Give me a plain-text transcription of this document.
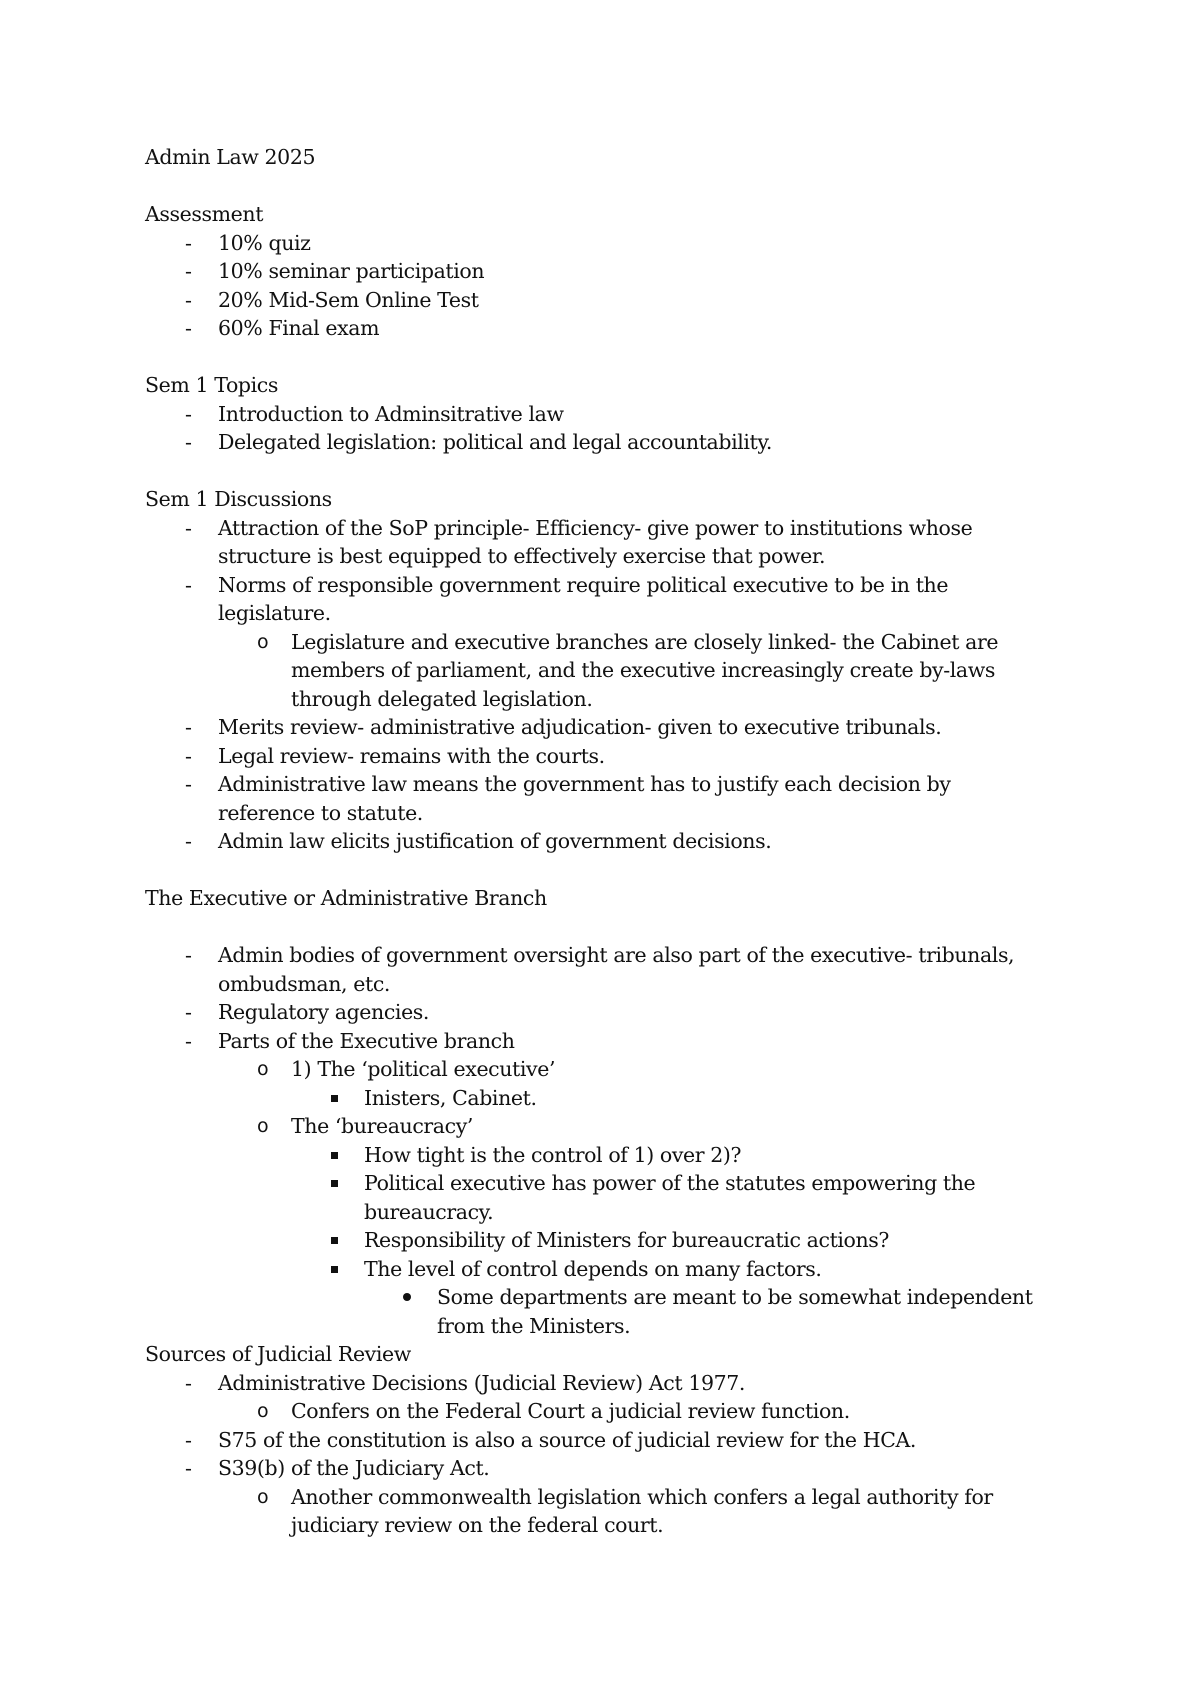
Admin Law 2025
Assessment
- 10% quiz
- 10% seminar participation
- 20% Mid-Sem Online Test
- 60% Final exam
Sem 1 Topics
- Introduction to Adminsitrative law
- Delegated legislation: political and legal accountability.
Sem 1 Discussions
- Attraction of the SoP principle- Efficiency- give power to institutions whose
structure is best equipped to effectively exercise that power.
- Norms of responsible government require political executive to be in the
legislature.
o Legislature and executive branches are closely linked- the Cabinet are
members of parliament, and the executive increasingly create by-laws
through delegated legislation.
- Merits review- administrative adjudication- given to executive tribunals.
- Legal review- remains with the courts.
- Administrative law means the government has to justify each decision by
reference to statute.
- Admin law elicits justification of government decisions.
The Executive or Administrative Branch
- Admin bodies of government oversight are also part of the executive- tribunals,
ombudsman, etc.
- Regulatory agencies.
- Parts of the Executive branch
o 1) The ‘political executive’
Inisters, Cabinet.
o The ‘bureaucracy’
How tight is the control of 1) over 2)?
Political executive has power of the statutes empowering the
bureaucracy.
Responsibility of Ministers for bureaucratic actions?
The level of control depends on many factors.
Some departments are meant to be somewhat independent
from the Ministers.
Sources of Judicial Review
- Administrative Decisions (Judicial Review) Act 1977.
o Confers on the Federal Court a judicial review function.
- S75 of the constitution is also a source of judicial review for the HCA.
- S39(b) of the Judiciary Act.
o Another commonwealth legislation which confers a legal authority for
judiciary review on the federal court.
